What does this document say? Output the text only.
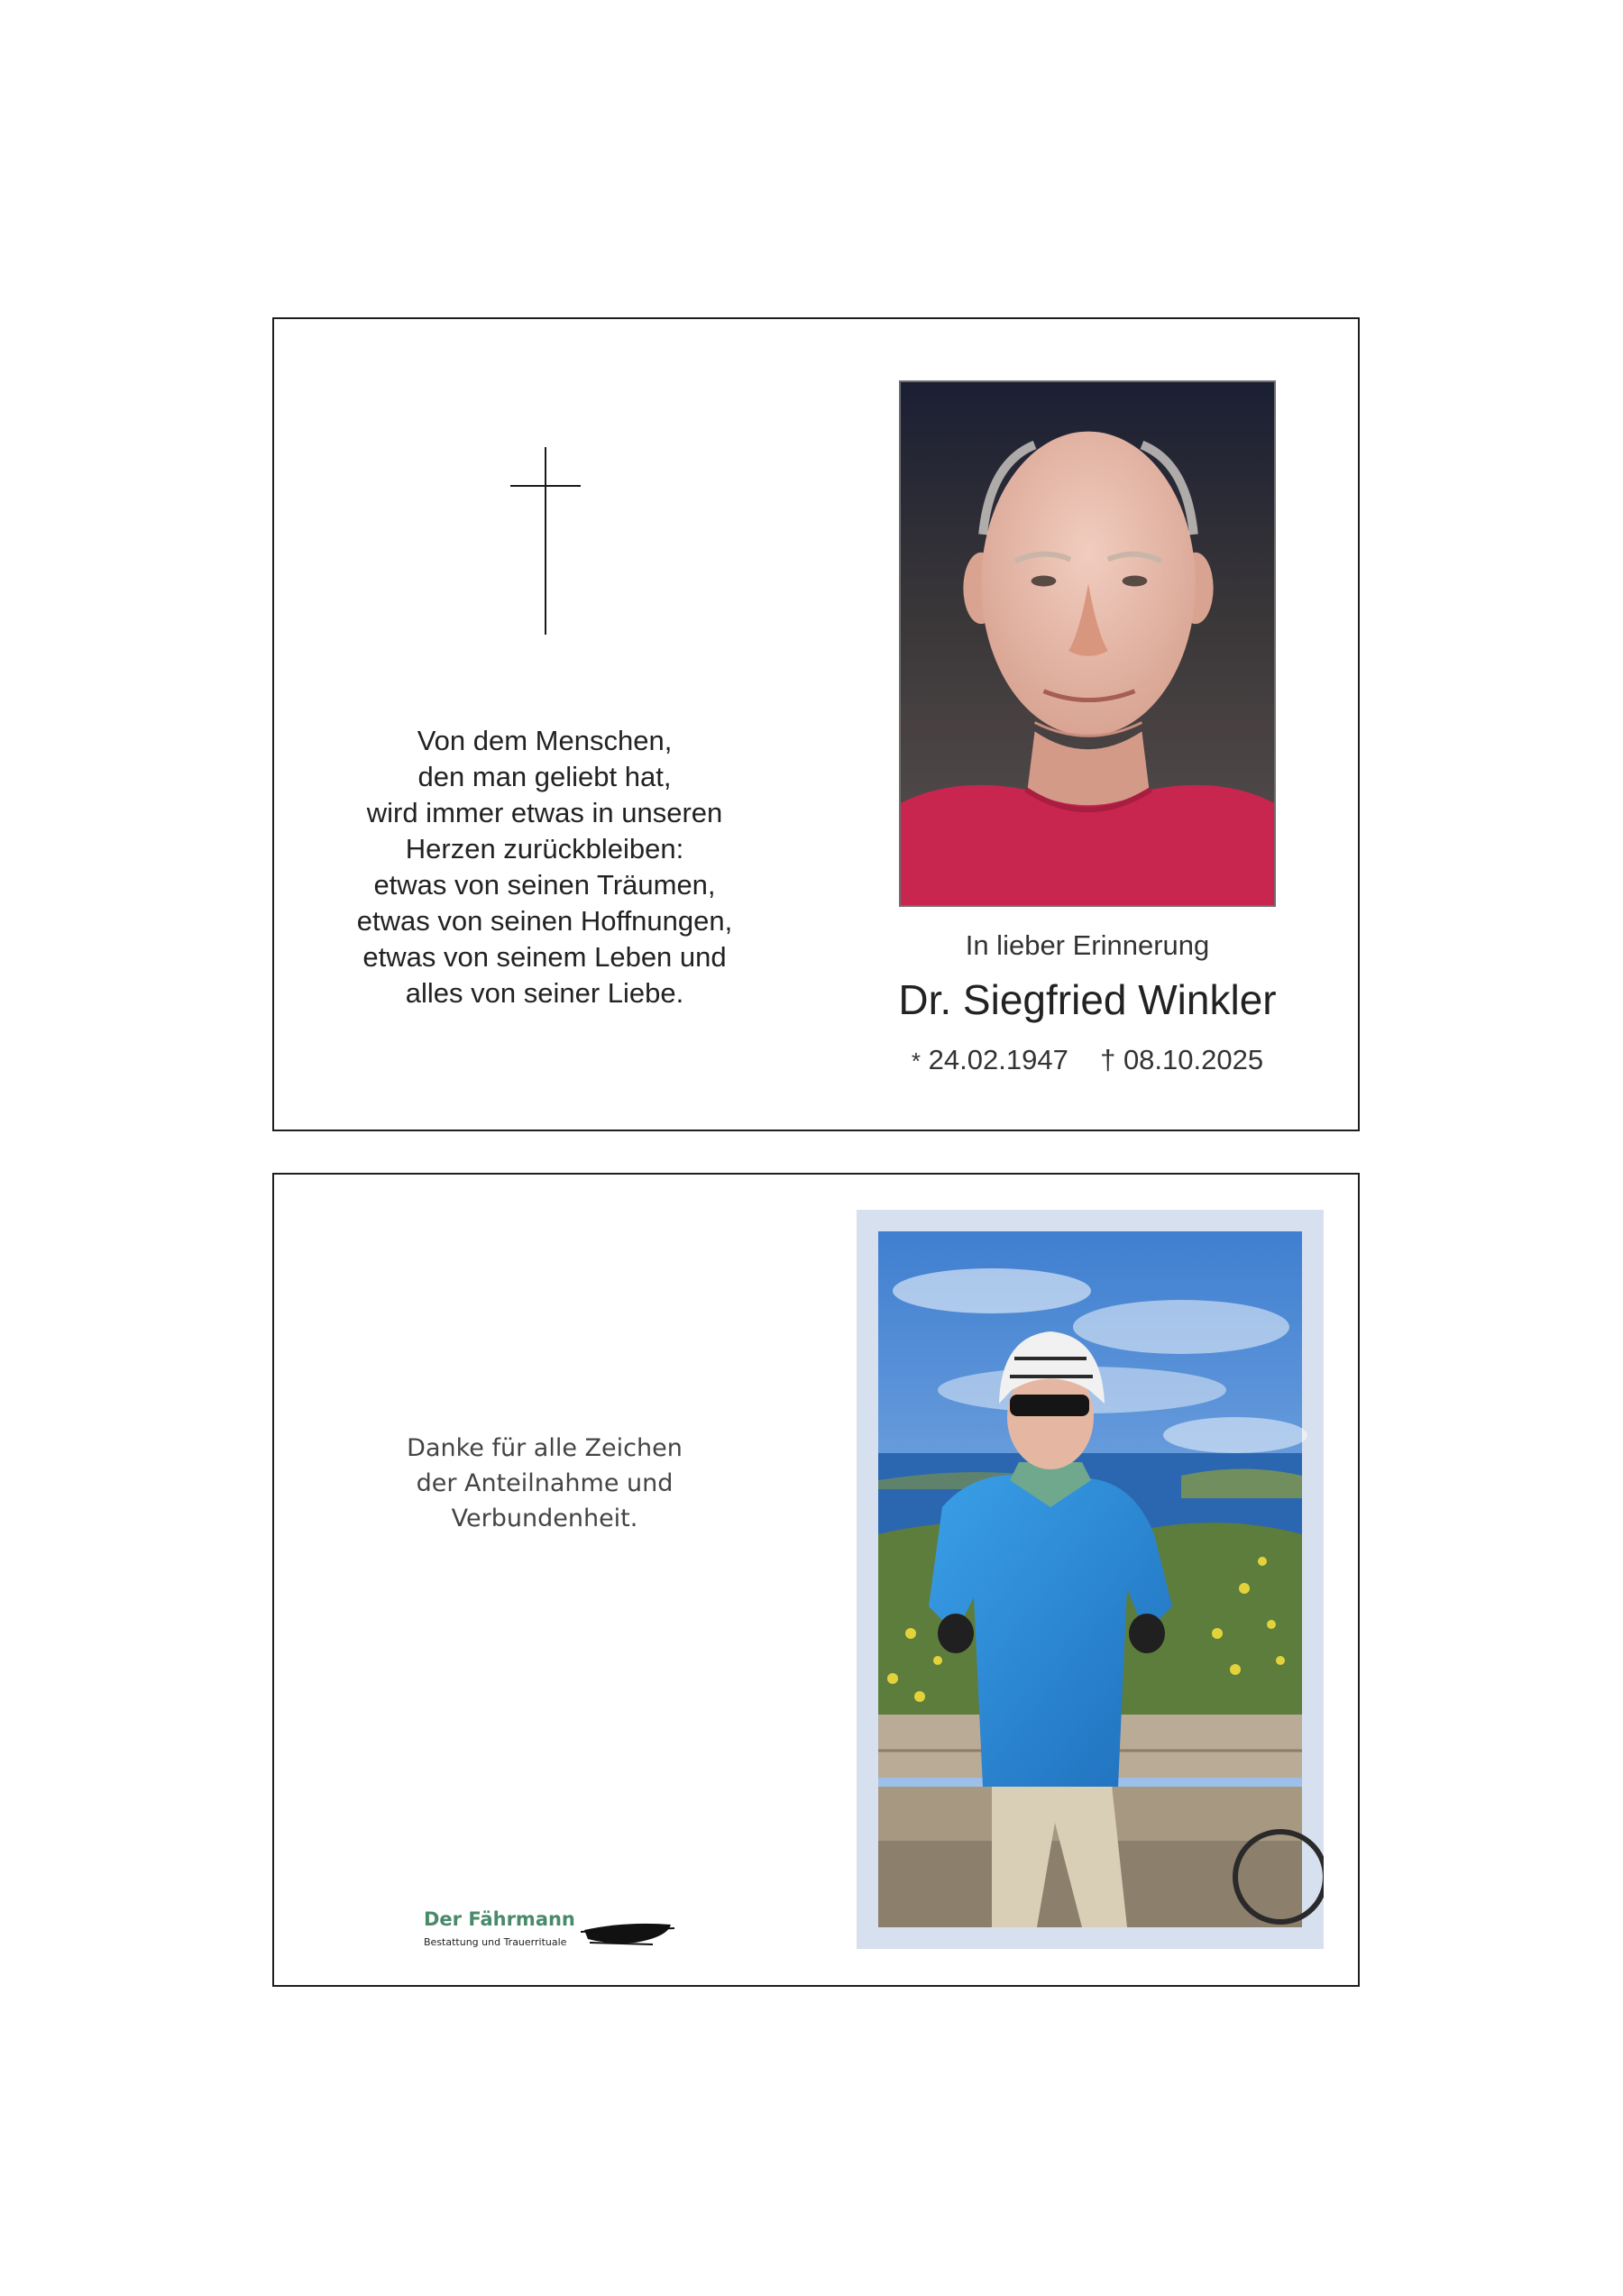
Von dem Menschen,
den man geliebt hat,
wird immer etwas in unseren
Herzen zurückbleiben:
etwas von seinen Träumen,
etwas von seinen Hoffnungen,
etwas von seinem Leben und
alles von seiner Liebe.
In lieber Erinnerung
Dr. Siegfried Winkler
* 24.02.1947 † 08.10.2025
Danke für alle Zeichen
der Anteilnahme und
Verbundenheit.
Der Fährmann
Bestattung und Trauerrituale
